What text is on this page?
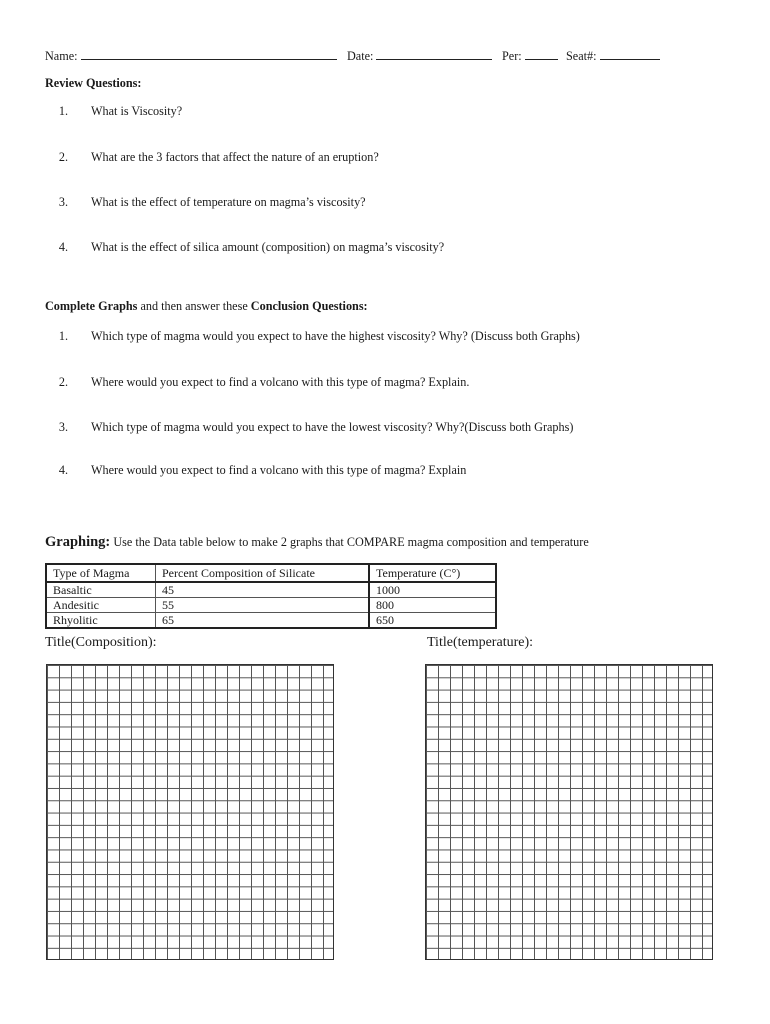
Name:	Date:	Per:	Seat#:
Review Questions:
1. What is Viscosity?
2. What are the 3 factors that affect the nature of an eruption?
3. What is the effect of temperature on magma’s viscosity?
4. What is the effect of silica amount (composition) on magma’s viscosity?
Complete Graphs and then answer these Conclusion Questions:
1. Which type of magma would you expect to have the highest viscosity? Why? (Discuss both Graphs)
2. Where would you expect to find a volcano with this type of magma? Explain.
3. Which type of magma would you expect to have the lowest viscosity? Why?(Discuss both Graphs)
4. Where would you expect to find a volcano with this type of magma? Explain
Graphing: Use the Data table below to make 2 graphs that COMPARE magma composition and temperature
Type of Magma	Percent Composition of Silicate	Temperature (C°)
Basaltic	45	1000
Andesitic	55	800
Rhyolitic	65	650
Title(Composition):	Title(temperature):
